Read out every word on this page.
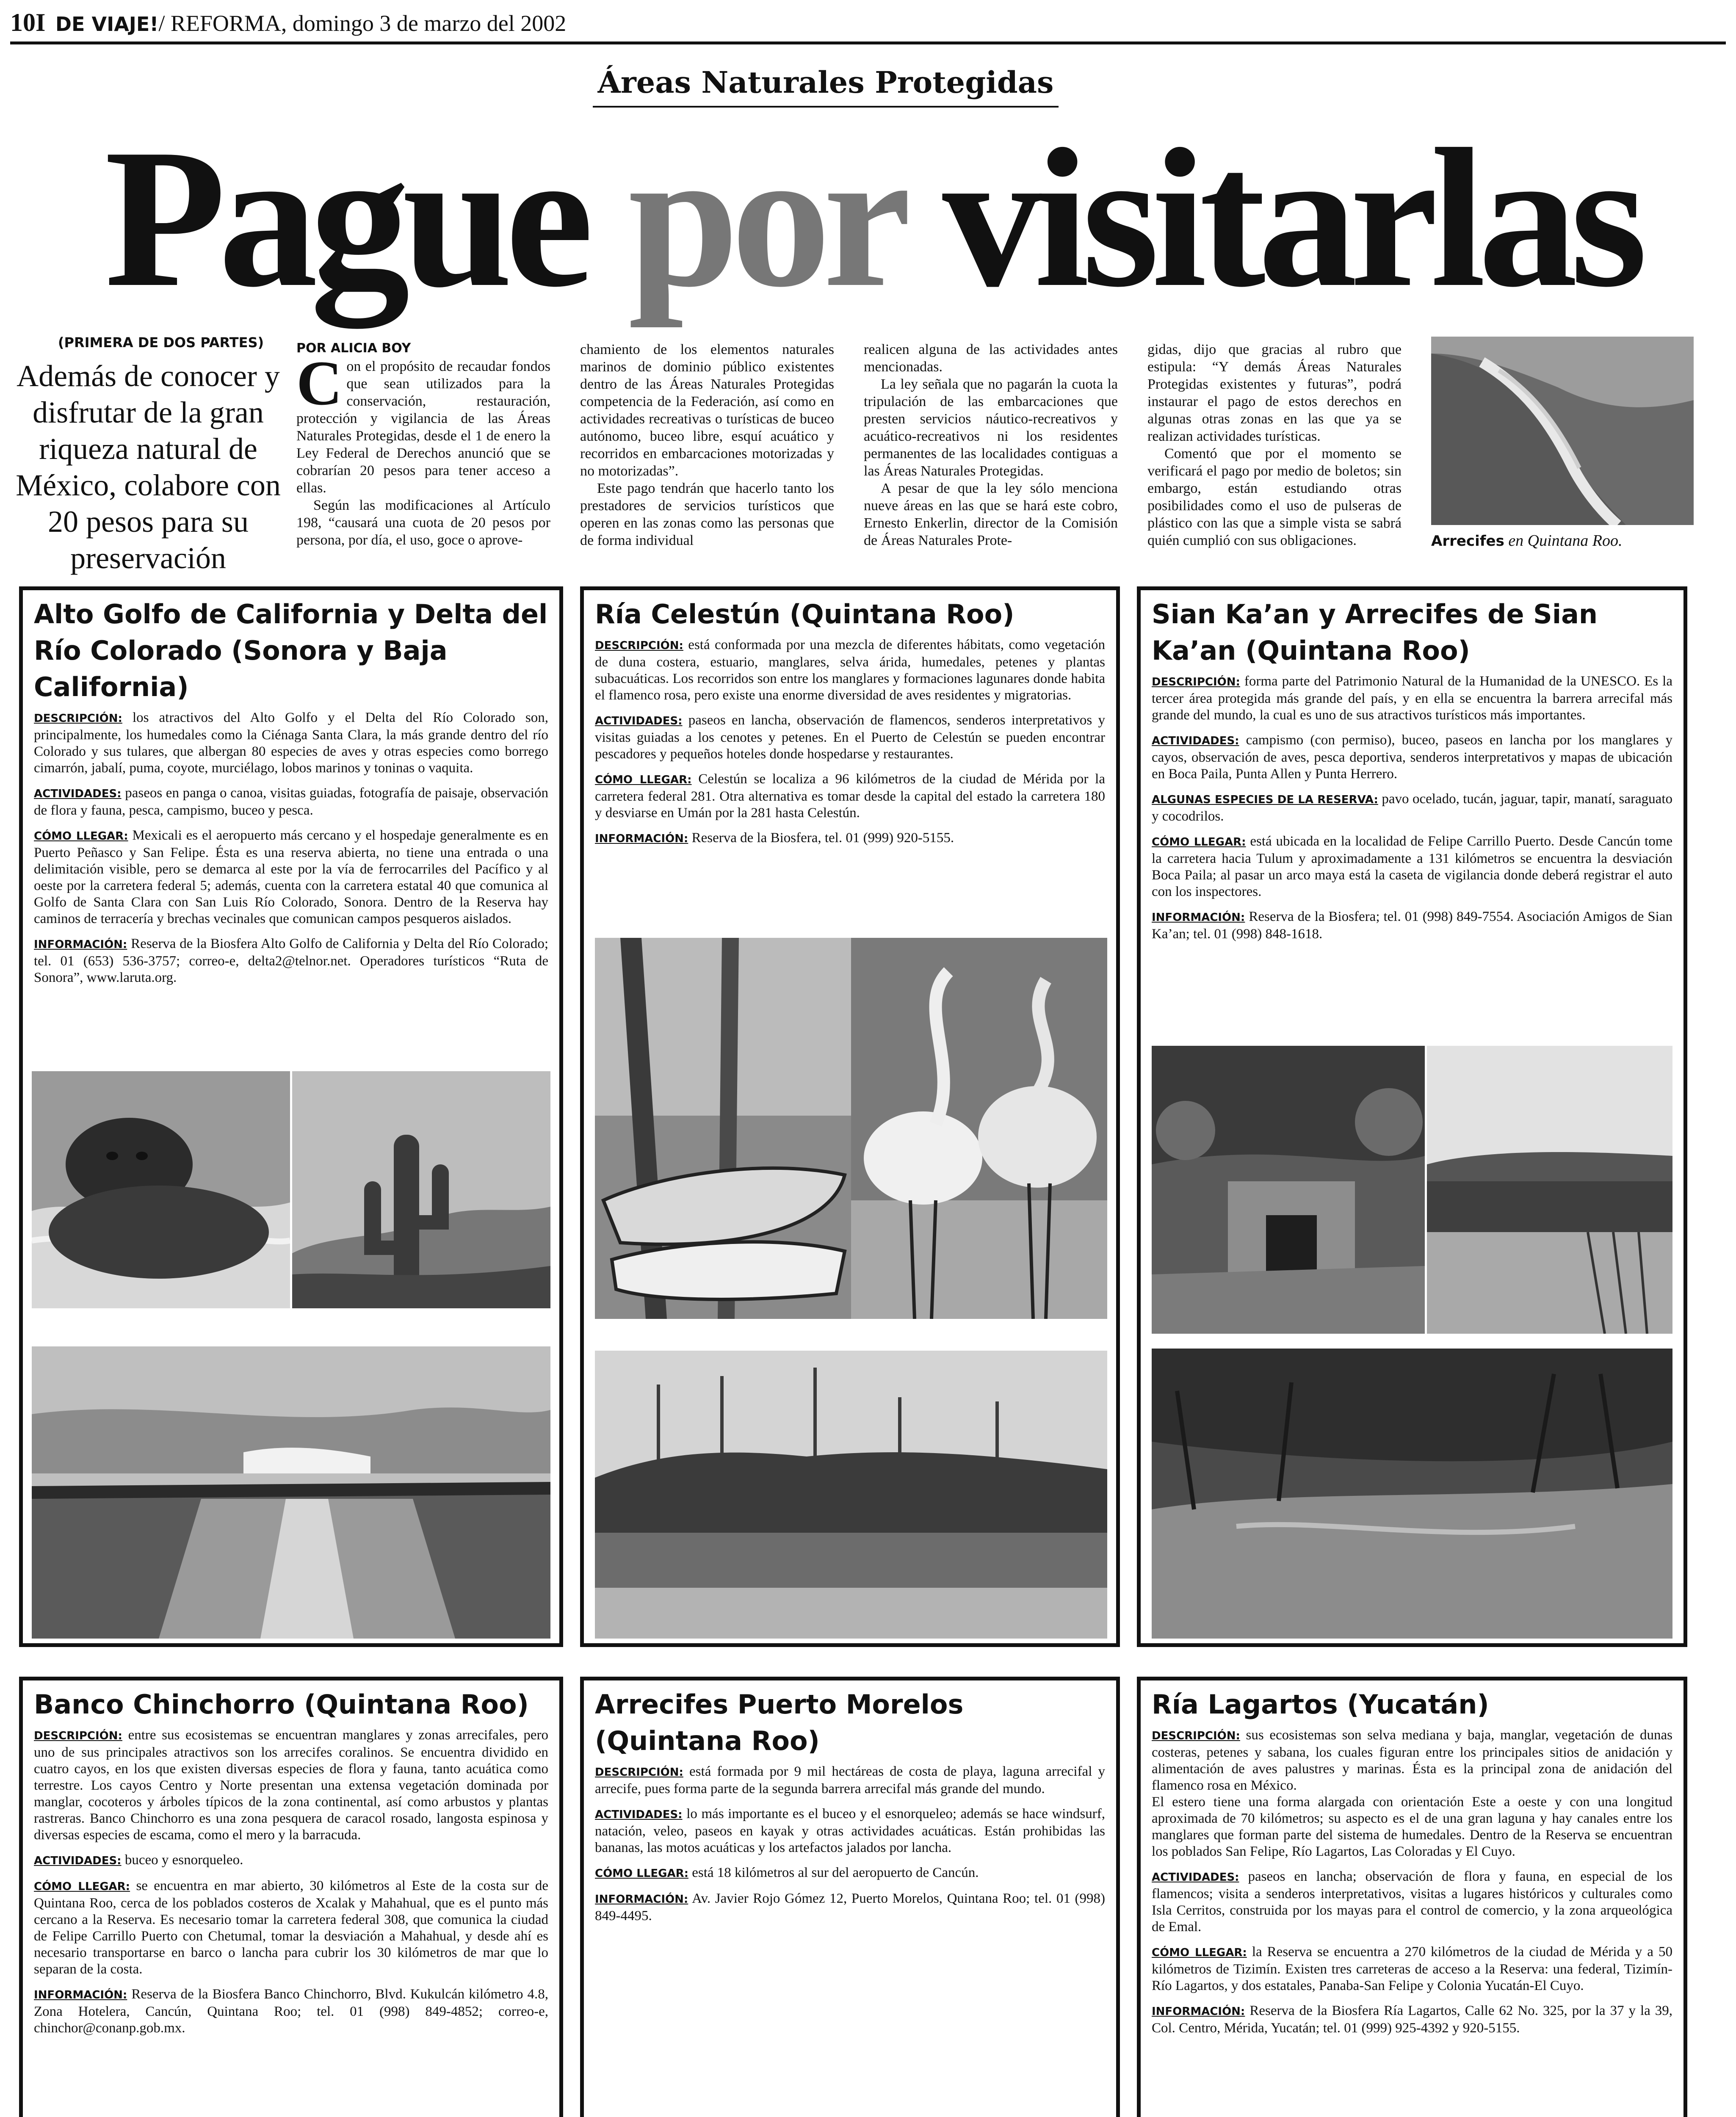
10I DE VIAJE!/ REFORMA, domingo 3 de marzo del 2002
Áreas Naturales Protegidas
Pague por visitarlas
(PRIMERA DE DOS PARTES)
Además de conocer y disfrutar de la gran riqueza natural de México, colabore con 20 pesos para su preservación
POR ALICIA BOY

Con el propósito de recaudar fondos que sean utilizados para la conservación, restauración, protección y vigilancia de las Áreas Naturales Protegidas, desde el 1 de enero la Ley Federal de Derechos anunció que se cobrarían 20 pesos para tener acceso a ellas.

Según las modificaciones al Artículo 198, “causará una cuota de 20 pesos por persona, por día, el uso, goce o aprove-

chamiento de los elementos naturales marinos de dominio público existentes dentro de las Áreas Naturales Protegidas competencia de la Federación, así como en actividades recreativas o turísticas de buceo autónomo, buceo libre, esquí acuático y recorridos en embarcaciones motorizadas y no motorizadas”.

Este pago tendrán que hacerlo tanto los prestadores de servicios turísticos que operen en las zonas como las personas que de forma individual

realicen alguna de las actividades antes mencionadas.

La ley señala que no pagarán la cuota la tripulación de las embarcaciones que presten servicios náutico-recreativos y acuático-recreativos ni los residentes permanentes de las localidades contiguas a las Áreas Naturales Protegidas.

A pesar de que la ley sólo menciona nueve áreas en las que se hará este cobro, Ernesto Enkerlin, director de la Comisión de Áreas Naturales Prote-

gidas, dijo que gracias al rubro que estipula: “Y demás Áreas Naturales Protegidas existentes y futuras”, podrá instaurar el pago de estos derechos en algunas otras zonas en las que ya se realizan actividades turísticas.

Comentó que por el momento se verificará el pago por medio de boletos; sin embargo, están estudiando otras posibilidades como el uso de pulseras de plástico con las que a simple vista se sabrá quién cumplió con sus obligaciones.	Arrecifes en Quintana Roo.
Alto Golfo de California y Delta del Río Colorado (Sonora y Baja California)

DESCRIPCIÓN: los atractivos del Alto Golfo y el Delta del Río Colorado son, principalmente, los humedales como la Ciénaga Santa Clara, la más grande dentro del río Colorado y sus tulares, que albergan 80 especies de aves y otras especies como borrego cimarrón, jabalí, puma, coyote, murciélago, lobos marinos y toninas o vaquita.

ACTIVIDADES: paseos en panga o canoa, visitas guiadas, fotografía de paisaje, observación de flora y fauna, pesca, campismo, buceo y pesca.

CÓMO LLEGAR: Mexicali es el aeropuerto más cercano y el hospedaje generalmente es en Puerto Peñasco y San Felipe. Ésta es una reserva abierta, no tiene una entrada o una delimitación visible, pero se demarca al este por la vía de ferrocarriles del Pacífico y al oeste por la carretera federal 5; además, cuenta con la carretera estatal 40 que comunica al Golfo de Santa Clara con San Luis Río Colorado, Sonora. Dentro de la Reserva hay caminos de terracería y brechas vecinales que comunican campos pesqueros aislados.

INFORMACIÓN: Reserva de la Biosfera Alto Golfo de California y Delta del Río Colorado; tel. 01 (653) 536-3757; correo-e, delta2@telnor.net. Operadores turísticos “Ruta de Sonora”, www.laruta.org.

Ría Celestún (Quintana Roo)

DESCRIPCIÓN: está conformada por una mezcla de diferentes hábitats, como vegetación de duna costera, estuario, manglares, selva árida, humedales, petenes y plantas subacuáticas. Los recorridos son entre los manglares y formaciones lagunares donde habita el flamenco rosa, pero existe una enorme diversidad de aves residentes y migratorias.

ACTIVIDADES: paseos en lancha, observación de flamencos, senderos interpretativos y visitas guiadas a los cenotes y petenes. En el Puerto de Celestún se pueden encontrar pescadores y pequeños hoteles donde hospedarse y restaurantes.

CÓMO LLEGAR: Celestún se localiza a 96 kilómetros de la ciudad de Mérida por la carretera federal 281. Otra alternativa es tomar desde la capital del estado la carretera 180 y desviarse en Umán por la 281 hasta Celestún.

INFORMACIÓN: Reserva de la Biosfera, tel. 01 (999) 920-5155.

Sian Ka’an y Arrecifes de Sian Ka’an (Quintana Roo)

DESCRIPCIÓN: forma parte del Patrimonio Natural de la Humanidad de la UNESCO. Es la tercer área protegida más grande del país, y en ella se encuentra la barrera arrecifal más grande del mundo, la cual es uno de sus atractivos turísticos más importantes.

ACTIVIDADES: campismo (con permiso), buceo, paseos en lancha por los manglares y cayos, observación de aves, pesca deportiva, senderos interpretativos y mapas de ubicación en Boca Paila, Punta Allen y Punta Herrero.

ALGUNAS ESPECIES DE LA RESERVA: pavo ocelado, tucán, jaguar, tapir, manatí, saraguato y cocodrilos.

CÓMO LLEGAR: está ubicada en la localidad de Felipe Carrillo Puerto. Desde Cancún tome la carretera hacia Tulum y aproximadamente a 131 kilómetros se encuentra la desviación Boca Paila; al pasar un arco maya está la caseta de vigilancia donde deberá registrar el auto con los inspectores.

INFORMACIÓN: Reserva de la Biosfera; tel. 01 (998) 849-7554. Asociación Amigos de Sian Ka’an; tel. 01 (998) 848-1618.

Banco Chinchorro (Quintana Roo)

DESCRIPCIÓN: entre sus ecosistemas se encuentran manglares y zonas arrecifales, pero uno de sus principales atractivos son los arrecifes coralinos. Se encuentra dividido en cuatro cayos, en los que existen diversas especies de flora y fauna, tanto acuática como terrestre. Los cayos Centro y Norte presentan una extensa vegetación dominada por manglar, cocoteros y árboles típicos de la zona continental, así como arbustos y plantas rastreras. Banco Chinchorro es una zona pesquera de caracol rosado, langosta espinosa y diversas especies de escama, como el mero y la barracuda.

ACTIVIDADES: buceo y esnorqueleo.

CÓMO LLEGAR: se encuentra en mar abierto, 30 kilómetros al Este de la costa sur de Quintana Roo, cerca de los poblados costeros de Xcalak y Mahahual, que es el punto más cercano a la Reserva. Es necesario tomar la carretera federal 308, que comunica la ciudad de Felipe Carrillo Puerto con Chetumal, tomar la desviación a Mahahual, y desde ahí es necesario transportarse en barco o lancha para cubrir los 30 kilómetros de mar que lo separan de la costa.

INFORMACIÓN: Reserva de la Biosfera Banco Chinchorro, Blvd. Kukulcán kilómetro 4.8, Zona Hotelera, Cancún, Quintana Roo; tel. 01 (998) 849-4852; correo-e, chinchor@conanp.gob.mx.

Arrecifes Puerto Morelos (Quintana Roo)

DESCRIPCIÓN: está formada por 9 mil hectáreas de costa de playa, laguna arrecifal y arrecife, pues forma parte de la segunda barrera arrecifal más grande del mundo.

ACTIVIDADES: lo más importante es el buceo y el esnorqueleo; además se hace windsurf, natación, veleo, paseos en kayak y otras actividades acuáticas. Están prohibidas las bananas, las motos acuáticas y los artefactos jalados por lancha.

CÓMO LLEGAR: está 18 kilómetros al sur del aeropuerto de Cancún.

INFORMACIÓN: Av. Javier Rojo Gómez 12, Puerto Morelos, Quintana Roo; tel. 01 (998) 849-4495.

Ría Lagartos (Yucatán)

DESCRIPCIÓN: sus ecosistemas son selva mediana y baja, manglar, vegetación de dunas costeras, petenes y sabana, los cuales figuran entre los principales sitios de anidación y alimentación de aves palustres y marinas. Ésta es la principal zona de anidación del flamenco rosa en México.
El estero tiene una forma alargada con orientación Este a oeste y con una longitud aproximada de 70 kilómetros; su aspecto es el de una gran laguna y hay canales entre los manglares que forman parte del sistema de humedales. Dentro de la Reserva se encuentran los poblados San Felipe, Río Lagartos, Las Coloradas y El Cuyo.

ACTIVIDADES: paseos en lancha; observación de flora y fauna, en especial de los flamencos; visita a senderos interpretativos, visitas a lugares históricos y culturales como Isla Cerritos, construida por los mayas para el control de comercio, y la zona arqueológica de Emal.

CÓMO LLEGAR: la Reserva se encuentra a 270 kilómetros de la ciudad de Mérida y a 50 kilómetros de Tizimín. Existen tres carreteras de acceso a la Reserva: una federal, Tizimín-Río Lagartos, y dos estatales, Panaba-San Felipe y Colonia Yucatán-El Cuyo.

INFORMACIÓN: Reserva de la Biosfera Ría Lagartos, Calle 62 No. 325, por la 37 y la 39, Col. Centro, Mérida, Yucatán; tel. 01 (999) 925-4392 y 920-5155.
